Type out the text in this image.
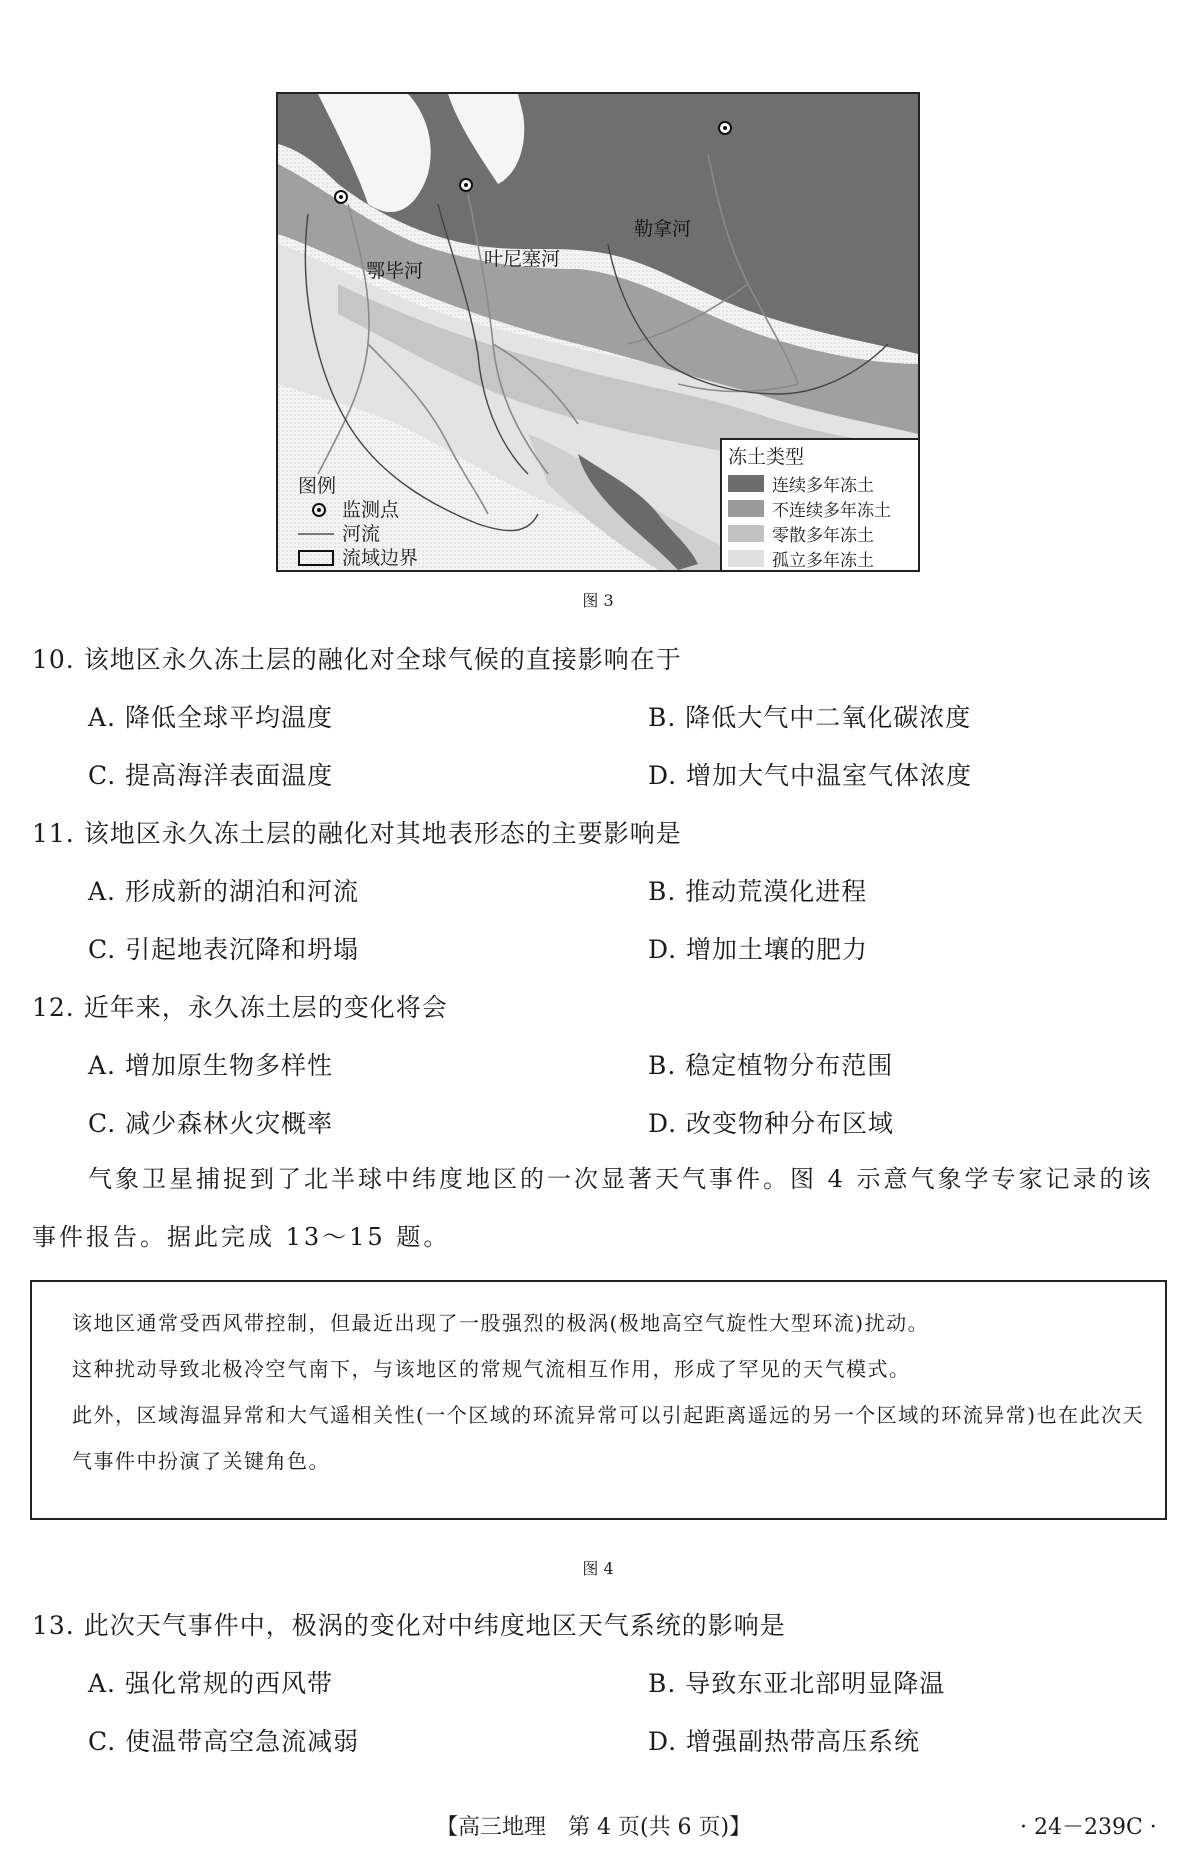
勒拿河
叶尼塞河
鄂毕河
图例
监测点
河流
流域边界
冻土类型
连续多年冻土
不连续多年冻土
零散多年冻土
孤立多年冻土
图 3
10. 该地区永久冻土层的融化对全球气候的直接影响在于
A. 降低全球平均温度	B. 降低大气中二氧化碳浓度
C. 提高海洋表面温度	D. 增加大气中温室气体浓度
11. 该地区永久冻土层的融化对其地表形态的主要影响是
A. 形成新的湖泊和河流	B. 推动荒漠化进程
C. 引起地表沉降和坍塌	D. 增加土壤的肥力
12. 近年来，永久冻土层的变化将会
A. 增加原生物多样性	B. 稳定植物分布范围
C. 减少森林火灾概率	D. 改变物种分布区域
气象卫星捕捉到了北半球中纬度地区的一次显著天气事件。图 4 示意气象学专家记录的该事件报告。据此完成 13～15 题。

该地区通常受西风带控制，但最近出现了一股强烈的极涡(极地高空气旋性大型环流)扰动。

这种扰动导致北极冷空气南下，与该地区的常规气流相互作用，形成了罕见的天气模式。

此外，区域海温异常和大气遥相关性(一个区域的环流异常可以引起距离遥远的另一个区域的环流异常)也在此次天气事件中扮演了关键角色。

图 4
13. 此次天气事件中，极涡的变化对中纬度地区天气系统的影响是
A. 强化常规的西风带	B. 导致东亚北部明显降温
C. 使温带高空急流减弱	D. 增强副热带高压系统
【高三地理　第 4 页(共 6 页)】	· 24－239C ·
